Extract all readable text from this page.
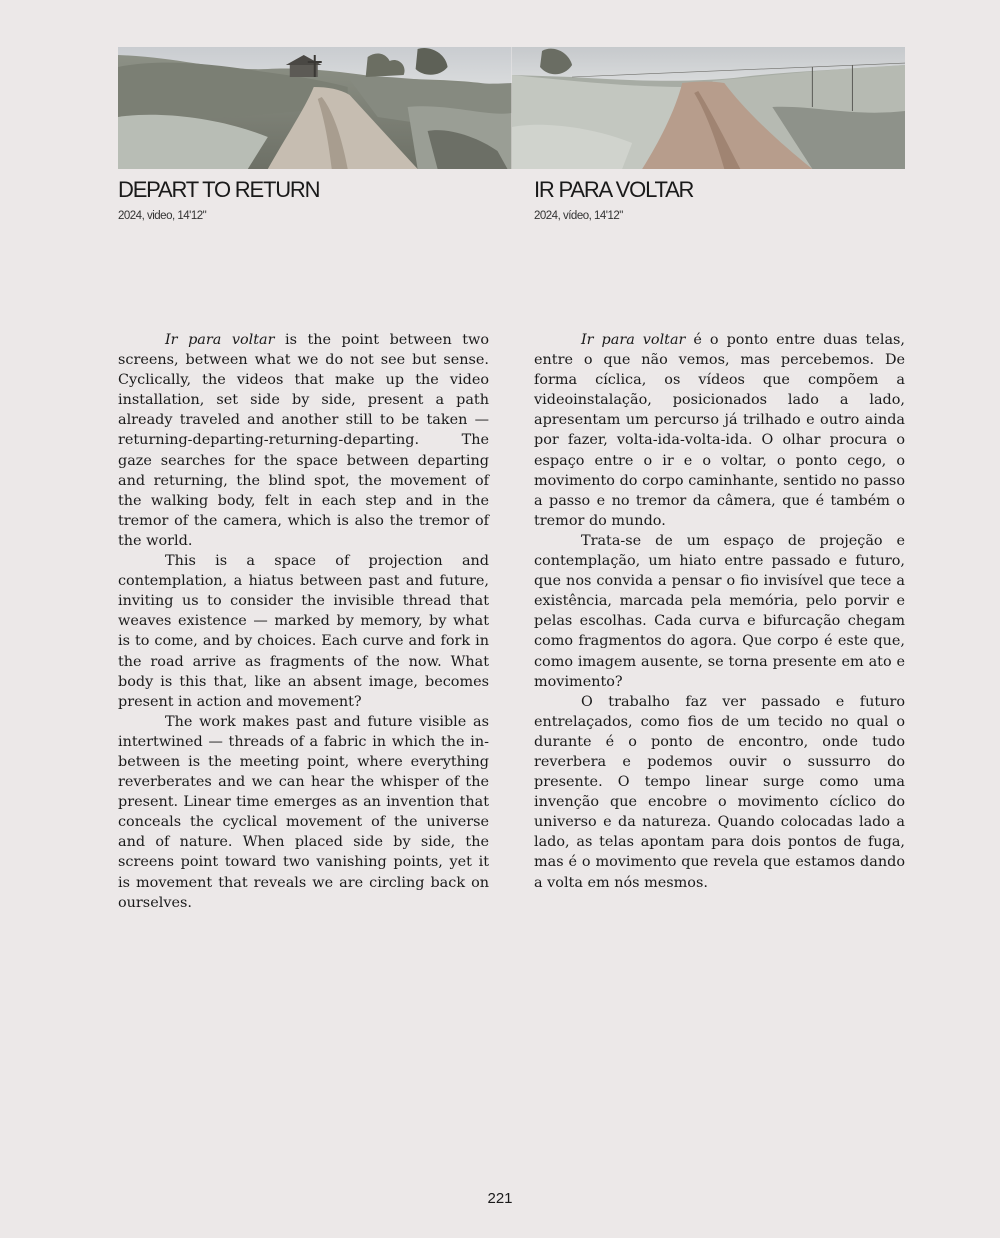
DEPART TO RETURN

2024, video, 14'12"

IR PARA VOLTAR

2024, vídeo, 14'12"

Ir para voltar is the point between two screens, between what we do not see but sense. Cyclically, the videos that make up the video installation, set side by side, present a path already traveled and another still to be taken — returning-departing-returning-departing. The gaze searches for the space between departing and returning, the blind spot, the movement of the walking body, felt in each step and in the tremor of the camera, which is also the tremor of the world.

This is a space of projection and contemplation, a hiatus between past and future, inviting us to consider the invisible thread that weaves existence — marked by memory, by what is to come, and by choices. Each curve and fork in the road arrive as fragments of the now. What body is this that, like an absent image, becomes present in action and movement?

The work makes past and future visible as intertwined — threads of a fabric in which the in-between is the meeting point, where everything reverberates and we can hear the whisper of the present. Linear time emerges as an invention that conceals the cyclical movement of the universe and of nature. When placed side by side, the screens point toward two vanishing points, yet it is movement that reveals we are circling back on ourselves.

Ir para voltar é o ponto entre duas telas, entre o que não vemos, mas percebemos. De forma cíclica, os vídeos que compõem a videoinstalação, posicionados lado a lado, apresentam um percurso já trilhado e outro ainda por fazer, volta-ida-volta-ida. O olhar procura o espaço entre o ir e o voltar, o ponto cego, o movimento do corpo caminhante, sentido no passo a passo e no tremor da câmera, que é também o tremor do mundo.

Trata-se de um espaço de projeção e contemplação, um hiato entre passado e futuro, que nos convida a pensar o fio invisível que tece a existência, marcada pela memória, pelo porvir e pelas escolhas. Cada curva e bifurcação chegam como fragmentos do agora. Que corpo é este que, como imagem ausente, se torna presente em ato e movimento?

O trabalho faz ver passado e futuro entrelaçados, como fios de um tecido no qual o durante é o ponto de encontro, onde tudo reverbera e podemos ouvir o sussurro do presente. O tempo linear surge como uma invenção que encobre o movimento cíclico do universo e da natureza. Quando colocadas lado a lado, as telas apontam para dois pontos de fuga, mas é o movimento que revela que estamos dando a volta em nós mesmos.

221
